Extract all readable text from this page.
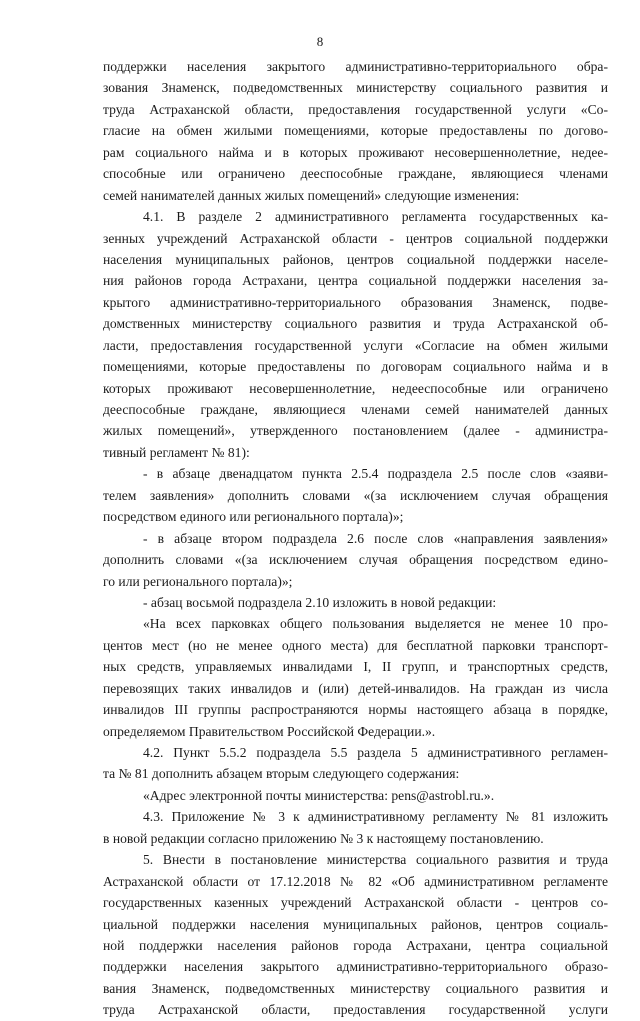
8
поддержки населения закрытого административно-территориального обра-
зования Знаменск, подведомственных министерству социального развития и
труда Астраханской области, предоставления государственной услуги «Со-
гласие на обмен жилыми помещениями, которые предоставлены по догово-
рам социального найма и в которых проживают несовершеннолетние, недее-
способные или ограничено дееспособные граждане, являющиеся членами
семей нанимателей данных жилых помещений» следующие изменения:
4.1. В разделе 2 административного регламента государственных ка-
зенных учреждений Астраханской области - центров социальной поддержки
населения муниципальных районов, центров социальной поддержки населе-
ния районов города Астрахани, центра социальной поддержки населения за-
крытого административно-территориального образования Знаменск, подве-
домственных министерству социального развития и труда Астраханской об-
ласти, предоставления государственной услуги «Согласие на обмен жилыми
помещениями, которые предоставлены по договорам социального найма и в
которых проживают несовершеннолетние, недееспособные или ограничено
дееспособные граждане, являющиеся членами семей нанимателей данных
жилых помещений», утвержденного постановлением (далее - администра-
тивный регламент № 81):
- в абзаце двенадцатом пункта 2.5.4 подраздела 2.5 после слов «заяви-
телем заявления» дополнить словами «(за исключением случая обращения
посредством единого или регионального портала)»;
- в абзаце втором подраздела 2.6 после слов «направления заявления»
дополнить словами «(за исключением случая обращения посредством едино-
го или регионального портала)»;
- абзац восьмой подраздела 2.10 изложить в новой редакции:
«На всех парковках общего пользования выделяется не менее 10 про-
центов мест (но не менее одного места) для бесплатной парковки транспорт-
ных средств, управляемых инвалидами I, II групп, и транспортных средств,
перевозящих таких инвалидов и (или) детей-инвалидов. На граждан из числа
инвалидов III группы распространяются нормы настоящего абзаца в порядке,
определяемом Правительством Российской Федерации.».
4.2. Пункт 5.5.2 подраздела 5.5 раздела 5 административного регламен-
та № 81 дополнить абзацем вторым следующего содержания:
«Адрес электронной почты министерства: pens@astrobl.ru.».
4.3. Приложение № 3 к административному регламенту № 81 изложить
в новой редакции согласно приложению № 3 к настоящему постановлению.
5. Внести в постановление министерства социального развития и труда
Астраханской области от 17.12.2018 № 82 «Об административном регламенте
государственных казенных учреждений Астраханской области - центров со-
циальной поддержки населения муниципальных районов, центров социаль-
ной поддержки населения районов города Астрахани, центра социальной
поддержки населения закрытого административно-территориального образо-
вания Знаменск, подведомственных министерству социального развития и
труда Астраханской области, предоставления государственной услуги
